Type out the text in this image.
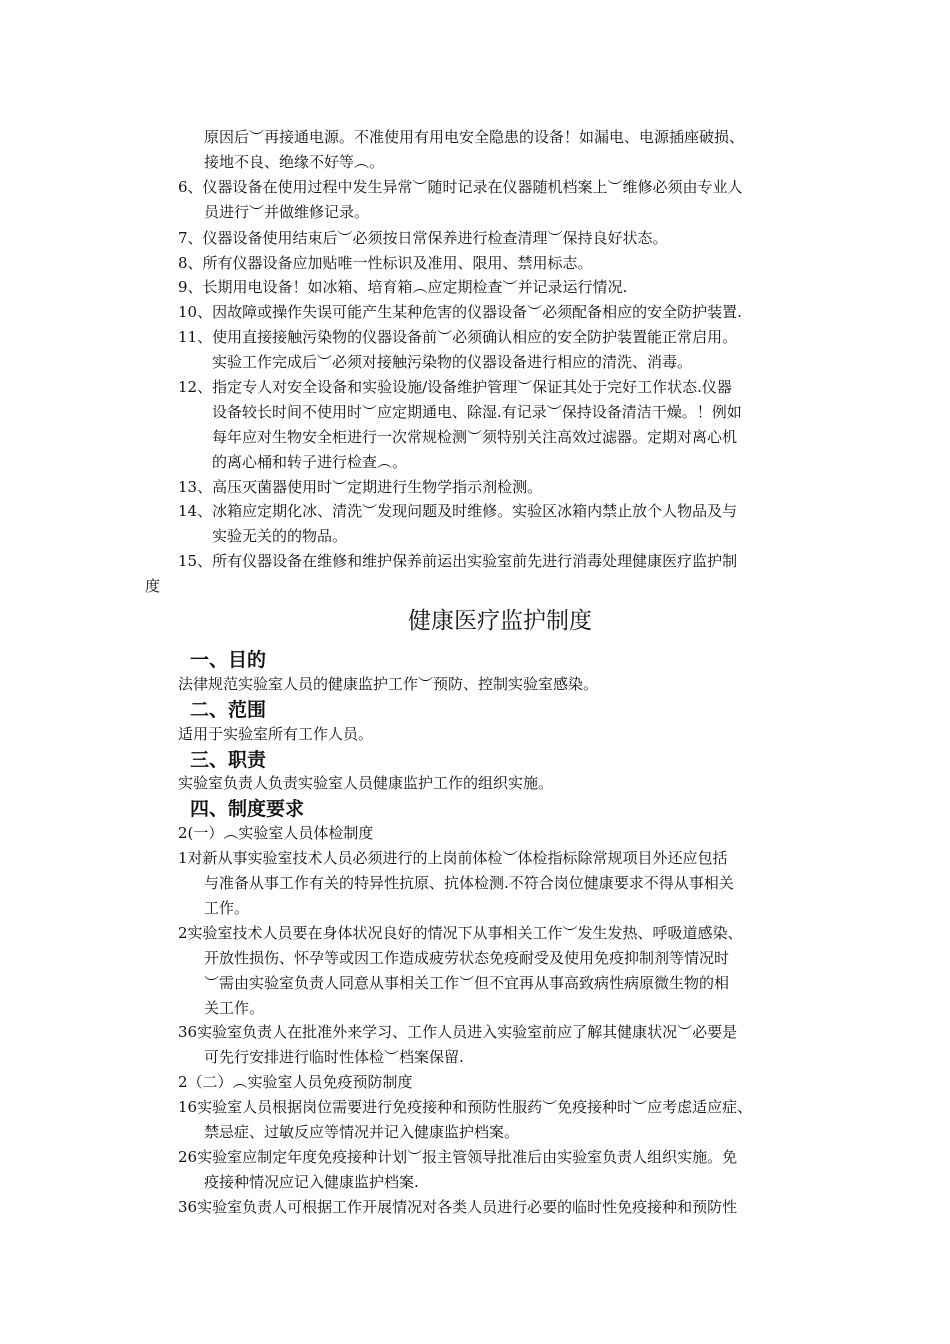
原因后︶再接通电源。不准使用有用电安全隐患的设备！如漏电、电源插座破损、
接地不良、绝缘不好等︵。
6、仪器设备在使用过程中发生异常︶随时记录在仪器随机档案上︶维修必须由专业人
员进行︶并做维修记录。
7、仪器设备使用结束后︶必须按日常保养进行检查清理︶保持良好状态。
8、所有仪器设备应加贴唯一性标识及准用、限用、禁用标志。
9、长期用电设备！如冰箱、培育箱︵应定期检查︶并记录运行情况.
10、因故障或操作失误可能产生某种危害的仪器设备︶必须配备相应的安全防护装置.
11、使用直接接触污染物的仪器设备前︶必须确认相应的安全防护装置能正常启用。
实验工作完成后︶必须对接触污染物的仪器设备进行相应的清洗、消毒。
12、指定专人对安全设备和实验设施/设备维护管理︶保证其处于完好工作状态.仪器
设备较长时间不使用时︶应定期通电、除湿.有记录︶保持设备清洁干燥。！例如
每年应对生物安全柜进行一次常规检测︶须特别关注高效过滤器。定期对离心机
的离心桶和转子进行检查︵。
13、高压灭菌器使用时︶定期进行生物学指示剂检测。
14、冰箱应定期化冰、清洗︶发现问题及时维修。实验区冰箱内禁止放个人物品及与
实验无关的的物品。
15、所有仪器设备在维修和维护保养前运出实验室前先进行消毒处理健康医疗监护制
度
健康医疗监护制度
一、目的
法律规范实验室人员的健康监护工作︶预防、控制实验室感染。
二、范围
适用于实验室所有工作人员。
三、职责
实验室负责人负责实验室人员健康监护工作的组织实施。
四、制度要求
2(一）︵实验室人员体检制度
1对新从事实验室技术人员必须进行的上岗前体检︶体检指标除常规项目外还应包括
与准备从事工作有关的特异性抗原、抗体检测.不符合岗位健康要求不得从事相关
工作。
2实验室技术人员要在身体状况良好的情况下从事相关工作︶发生发热、呼吸道感染、
开放性损伤、怀孕等或因工作造成疲劳状态免疫耐受及使用免疫抑制剂等情况时
︶需由实验室负责人同意从事相关工作︶但不宜再从事高致病性病原微生物的相
关工作。
36实验室负责人在批准外来学习、工作人员进入实验室前应了解其健康状况︶必要是
可先行安排进行临时性体检︶档案保留.
2（二）︵实验室人员免疫预防制度
16实验室人员根据岗位需要进行免疫接种和预防性服药︶免疫接种时︶应考虑适应症、
禁忌症、过敏反应等情况并记入健康监护档案。
26实验室应制定年度免疫接种计划︶报主管领导批准后由实验室负责人组织实施。免
疫接种情况应记入健康监护档案.
36实验室负责人可根据工作开展情况对各类人员进行必要的临时性免疫接种和预防性
